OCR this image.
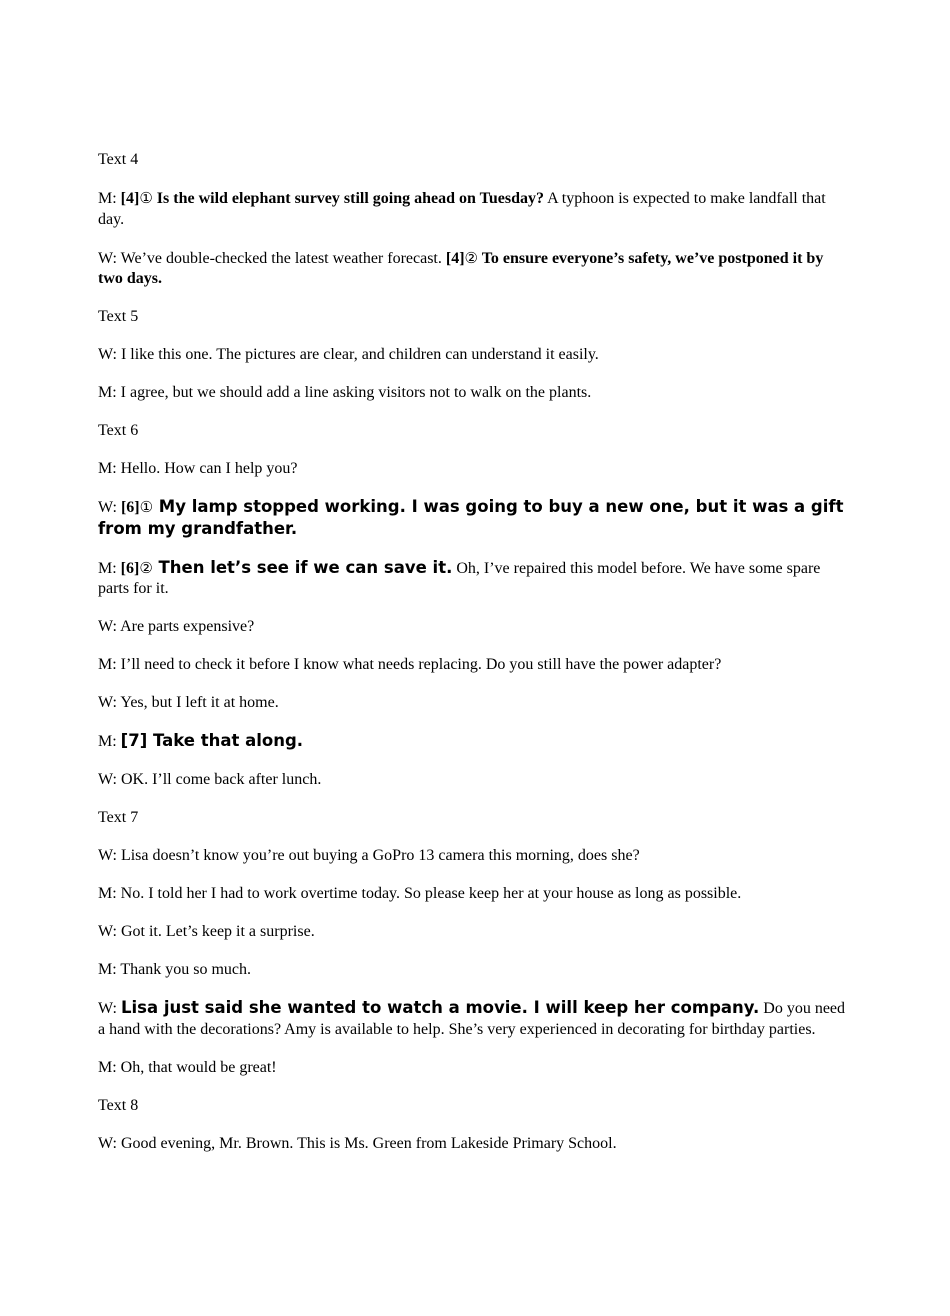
Text 4

M: [4]① Is the wild elephant survey still going ahead on Tuesday? A typhoon is expected to make landfall that day.

W: We’ve double-checked the latest weather forecast. [4]② To ensure everyone’s safety, we’ve postponed it by two days.

Text 5

W: I like this one. The pictures are clear, and children can understand it easily.

M: I agree, but we should add a line asking visitors not to walk on the plants.

Text 6

M: Hello. How can I help you?

W: [6]① My lamp stopped working. I was going to buy a new one, but it was a gift from my grandfather.

M: [6]② Then let’s see if we can save it. Oh, I’ve repaired this model before. We have some spare parts for it.

W: Are parts expensive?

M: I’ll need to check it before I know what needs replacing. Do you still have the power adapter?

W: Yes, but I left it at home.

M: [7] Take that along.

W: OK. I’ll come back after lunch.

Text 7

W: Lisa doesn’t know you’re out buying a GoPro 13 camera this morning, does she?

M: No. I told her I had to work overtime today. So please keep her at your house as long as possible.

W: Got it. Let’s keep it a surprise.

M: Thank you so much.

W: Lisa just said she wanted to watch a movie. I will keep her company. Do you need a hand with the decorations? Amy is available to help. She’s very experienced in decorating for birthday parties.

M: Oh, that would be great!

Text 8

W: Good evening, Mr. Brown. This is Ms. Green from Lakeside Primary School.
